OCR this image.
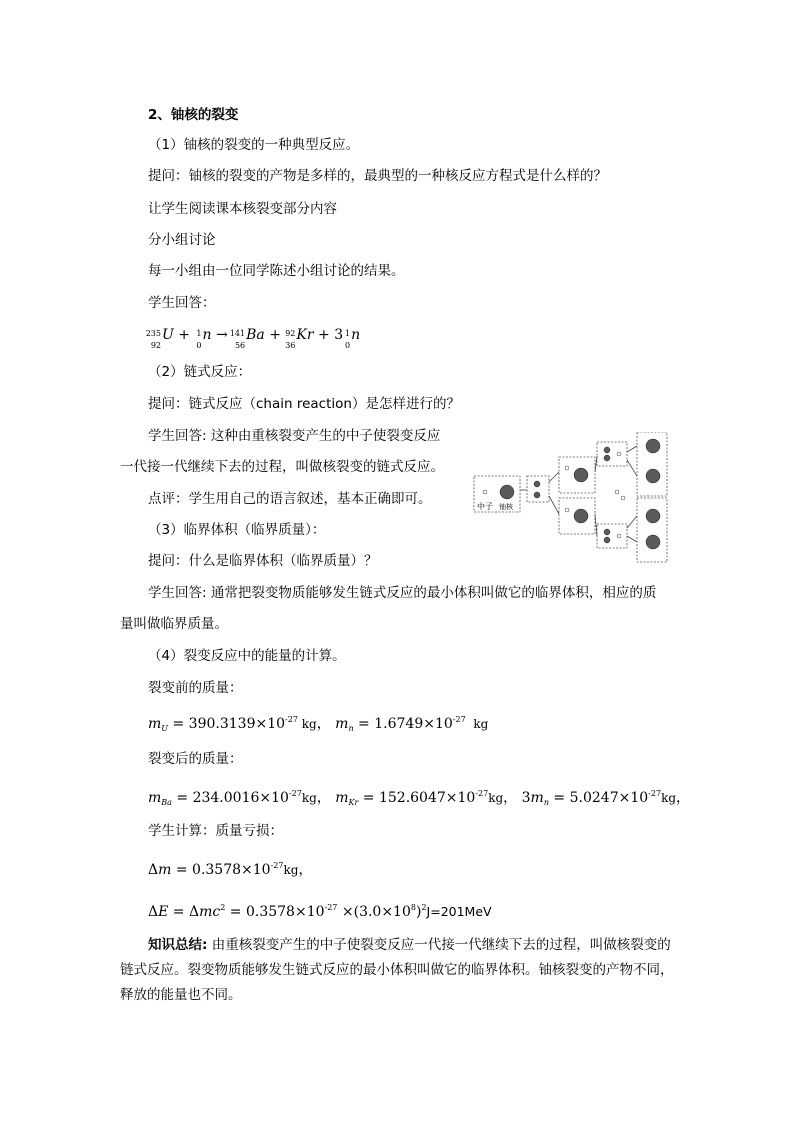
2、铀核的裂变
（1）铀核的裂变的一种典型反应。
提问：铀核的裂变的产物是多样的，最典型的一种核反应方程式是什么样的？
让学生阅读课本核裂变部分内容
分小组讨论
每一小组由一位同学陈述小组讨论的结果。
学生回答：
235
92
U + 1
0
n → 141
56
Ba + 92
36
Kr + 3 1
0
n
（2）链式反应：
提问：链式反应（chain reaction）是怎样进行的？
学生回答: 这种由重核裂变产生的中子使裂变反应
一代接一代继续下去的过程，叫做核裂变的链式反应。
点评：学生用自己的语言叙述，基本正确即可。	中子 铀核
（3）临界体积（临界质量）：
提问：什么是临界体积（临界质量）？
学生回答: 通常把裂变物质能够发生链式反应的最小体积叫做它的临界体积，相应的质
量叫做临界质量。
（4）裂变反应中的能量的计算。
裂变前的质量：
$m_U = 390.3139\times 10^{-27}$ kg， $m_n = 1.6749\times 10^{-27}$ kg
裂变后的质量：
$m_{Ba} = 234.0016\times 10^{-27}kg$， $m_{Kr} = 152.6047\times 10^{-27}kg$， $3m_n = 5.0247\times 10^{-27}kg$，
学生计算：质量亏损：
$\Delta m = 0.3578\times 10^{-27}kg$，
$\Delta E = \Delta mc^2 = 0.3578\times 10^{-27} \times(3.0\times 10^8)^2J=201MeV$
知识总结: 由重核裂变产生的中子使裂变反应一代接一代继续下去的过程，叫做核裂变的链式反应。裂变物质能够发生链式反应的最小体积叫做它的临界体积。铀核裂变的产物不同，释放的能量也不同。
